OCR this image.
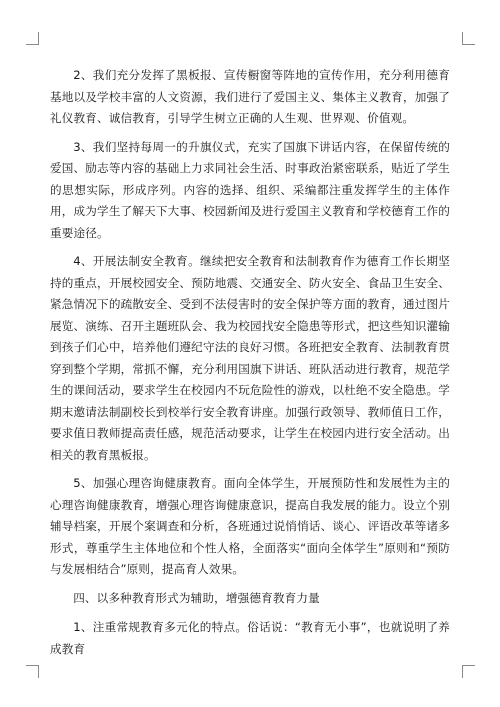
2、我们充分发挥了黑板报、宣传橱窗等阵地的宣传作用，充分利用德育基地以及学校丰富的人文资源，我们进行了爱国主义、集体主义教育，加强了礼仪教育、诚信教育，引导学生树立正确的人生观、世界观、价值观。

3、我们坚持每周一的升旗仪式，充实了国旗下讲话内容，在保留传统的爱国、励志等内容的基础上力求同社会生活、时事政治紧密联系，贴近了学生的思想实际，形成序列。内容的选择、组织、采编都注重发挥学生的主体作用，成为学生了解天下大事、校园新闻及进行爱国主义教育和学校德育工作的重要途径。

4、开展法制安全教育。继续把安全教育和法制教育作为德育工作长期坚持的重点，开展校园安全、预防地震、交通安全、防火安全、食品卫生安全、紧急情况下的疏散安全、受到不法侵害时的安全保护等方面的教育，通过图片展览、演练、召开主题班队会、我为校园找安全隐患等形式，把这些知识灌输到孩子们心中，培养他们遵纪守法的良好习惯。各班把安全教育、法制教育贯穿到整个学期，常抓不懈，充分利用国旗下讲话、班队活动进行教育，规范学生的课间活动，要求学生在校园内不玩危险性的游戏，以杜绝不安全隐患。学期末邀请法制副校长到校举行安全教育讲座。加强行政领导、教师值日工作，要求值日教师提高责任感，规范活动要求，让学生在校园内进行安全活动。出相关的教育黑板报。

5、加强心理咨询健康教育。面向全体学生，开展预防性和发展性为主的心理咨询健康教育，增强心理咨询健康意识，提高自我发展的能力。设立个别辅导档案，开展个案调查和分析，各班通过说悄悄话、谈心、评语改革等诸多形式，尊重学生主体地位和个性人格，全面落实“面向全体学生”原则和“预防与发展相结合”原则，提高育人效果。

四、以多种教育形式为辅助，增强德育教育力量

1、注重常规教育多元化的特点。俗话说：“教育无小事”，也就说明了养成教育
